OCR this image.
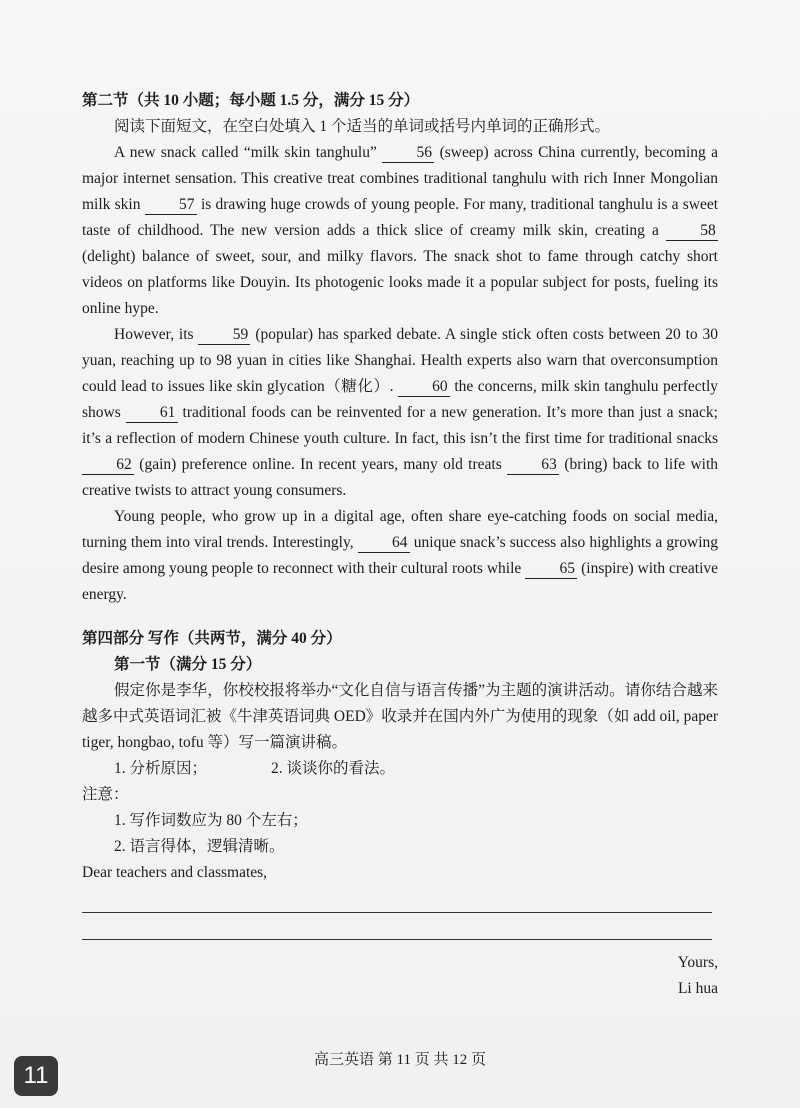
第二节（共 10 小题；每小题 1.5 分，满分 15 分）

阅读下面短文，在空白处填入 1 个适当的单词或括号内单词的正确形式。

A new snack called “milk skin tanghulu”	56 (sweep) across China currently, becoming a major internet sensation. This creative treat combines traditional tanghulu with rich Inner Mongolian milk skin 57 is drawing huge crowds of young people. For many, traditional tanghulu is a sweet taste of childhood. The new version adds a thick slice of creamy milk skin, creating a	58 (delight) balance of sweet, sour, and milky flavors. The snack shot to fame through catchy short videos on platforms like Douyin. Its photogenic looks made it a popular subject for posts, fueling its online hype.

However, its	59 (popular) has sparked debate. A single stick often costs between 20 to 30 yuan, reaching up to 98 yuan in cities like Shanghai. Health experts also warn that overconsumption could lead to issues like skin glycation（糖化）. 60 the concerns, milk skin tanghulu perfectly shows	61 traditional foods can be reinvented for a new generation. It’s more than just a snack; it’s a reflection of modern Chinese youth culture. In fact, this isn’t the first time for traditional snacks 62 (gain) preference online. In recent years, many old treats	63 (bring) back to life with creative twists to attract young consumers.

Young people, who grow up in a digital age, often share eye-catching foods on social media, turning them into viral trends. Interestingly, 64 unique snack’s success also highlights a growing desire among young people to reconnect with their cultural roots while 65 (inspire) with creative energy.

第四部分 写作（共两节，满分 40 分）

第一节（满分 15 分）

假定你是李华，你校校报将举办“文化自信与语言传播”为主题的演讲活动。请你结合越来越多中式英语词汇被《牛津英语词典 OED》收录并在国内外广为使用的现象（如 add oil, paper tiger, hongbao, tofu 等）写一篇演讲稿。

1. 分析原因；	2. 谈谈你的看法。

注意：

1. 写作词数应为 80 个左右；

2. 语言得体，逻辑清晰。

Dear teachers and classmates,

Yours,

Li hua

高三英语 第 11 页 共 12 页
11
